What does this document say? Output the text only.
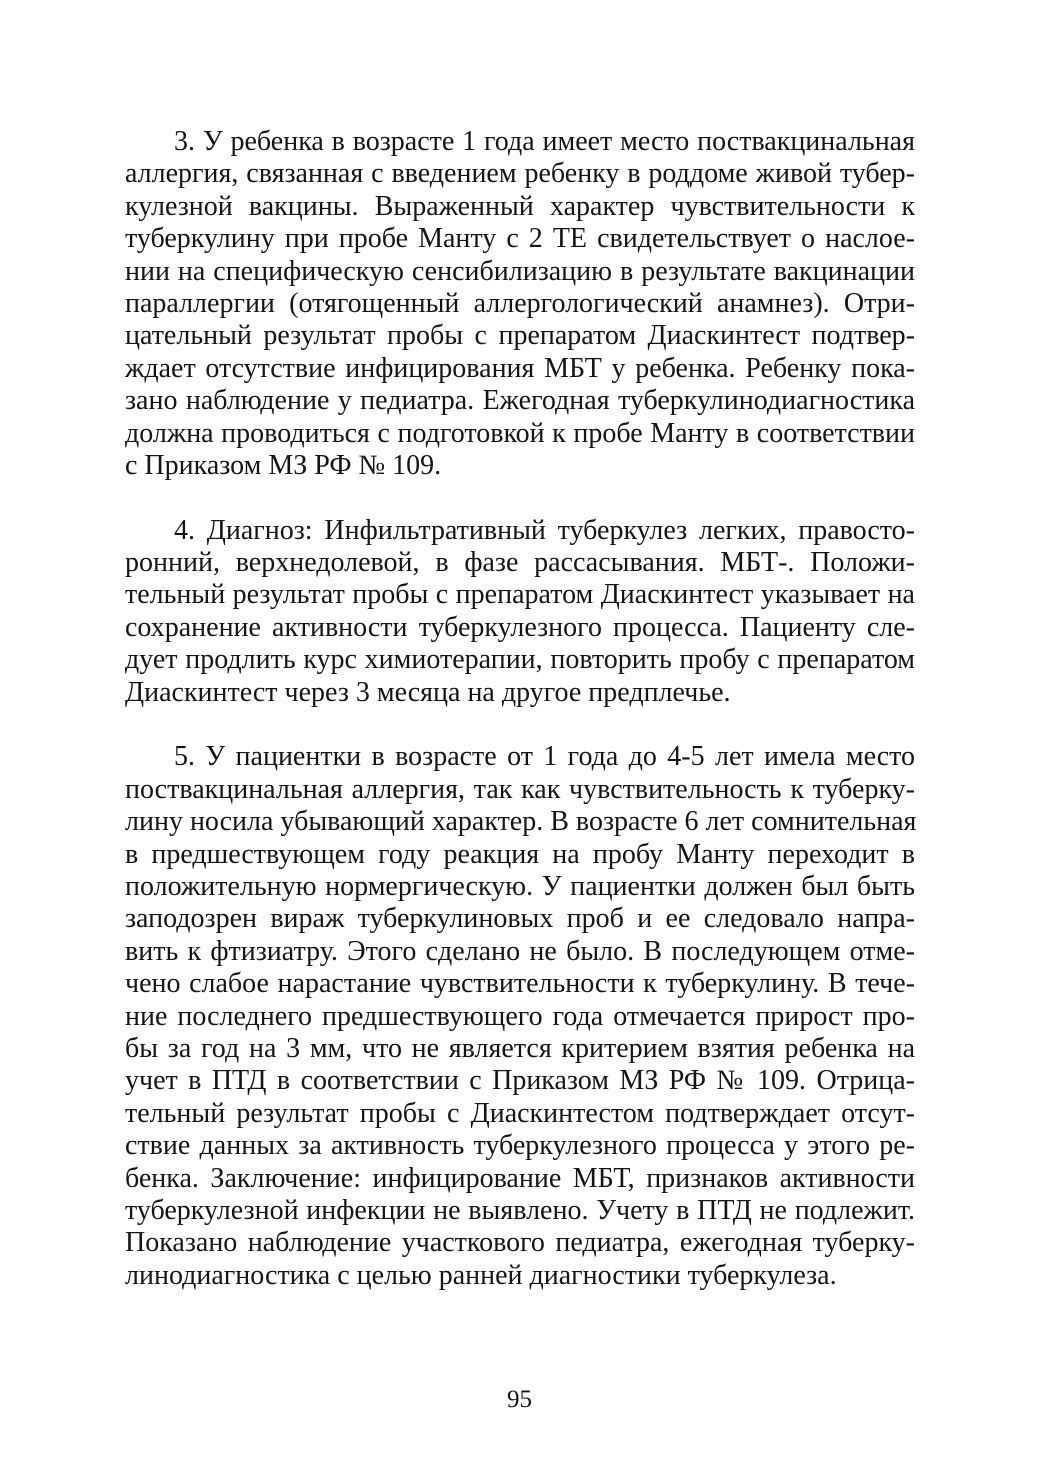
3. У ребенка в возрасте 1 года имеет место поствакцинальная
аллергия, связанная с введением ребенку в роддоме живой тубер-
кулезной вакцины. Выраженный характер чувствительности к
туберкулину при пробе Манту с 2 ТЕ свидетельствует о наслое-
нии на специфическую сенсибилизацию в результате вакцинации
параллергии (отягощенный аллергологический анамнез). Отри-
цательный результат пробы с препаратом Диаскинтест подтвер-
ждает отсутствие инфицирования МБТ у ребенка. Ребенку пока-
зано наблюдение у педиатра. Ежегодная туберкулинодиагностика
должна проводиться с подготовкой к пробе Манту в соответствии
с Приказом МЗ РФ № 109.
4. Диагноз: Инфильтративный туберкулез легких, правосто-
ронний, верхнедолевой, в фазе рассасывания. МБТ-. Положи-
тельный результат пробы с препаратом Диаскинтест указывает на
сохранение активности туберкулезного процесса. Пациенту сле-
дует продлить курс химиотерапии, повторить пробу с препаратом
Диаскинтест через 3 месяца на другое предплечье.
5. У пациентки в возрасте от 1 года до 4-5 лет имела место
поствакцинальная аллергия, так как чувствительность к туберку-
лину носила убывающий характер. В возрасте 6 лет сомнительная
в предшествующем году реакция на пробу Манту переходит в
положительную нормергическую. У пациентки должен был быть
заподозрен вираж туберкулиновых проб и ее следовало напра-
вить к фтизиатру. Этого сделано не было. В последующем отме-
чено слабое нарастание чувствительности к туберкулину. В тече-
ние последнего предшествующего года отмечается прирост про-
бы за год на 3 мм, что не является критерием взятия ребенка на
учет в ПТД в соответствии с Приказом МЗ РФ № 109. Отрица-
тельный результат пробы с Диаскинтестом подтверждает отсут-
ствие данных за активность туберкулезного процесса у этого ре-
бенка. Заключение: инфицирование МБТ, признаков активности
туберкулезной инфекции не выявлено. Учету в ПТД не подлежит.
Показано наблюдение участкового педиатра, ежегодная туберку-
линодиагностика с целью ранней диагностики туберкулеза.
95
